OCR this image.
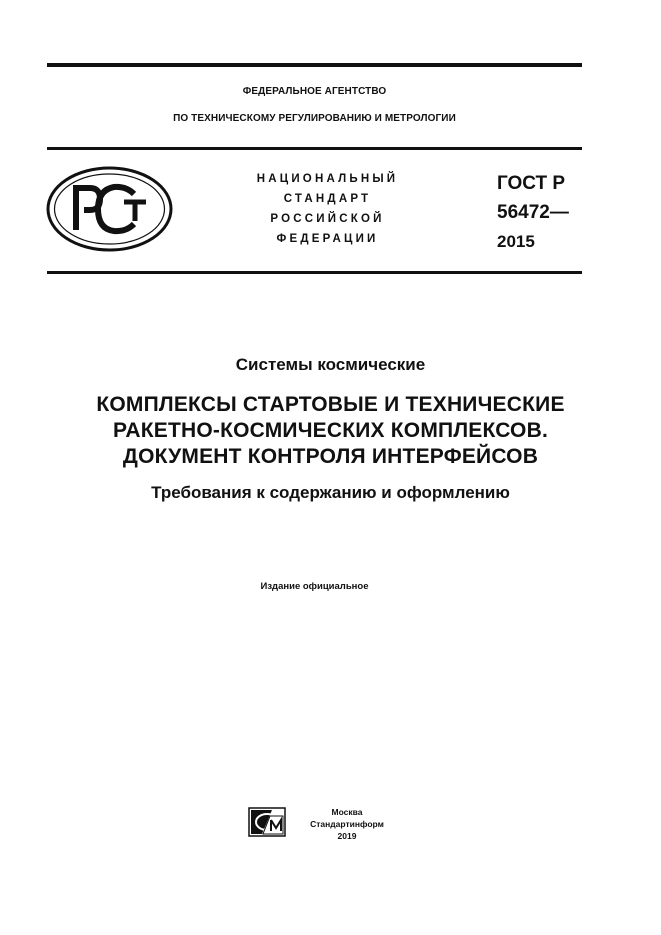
ФЕДЕРАЛЬНОЕ АГЕНТСТВО
ПО ТЕХНИЧЕСКОМУ РЕГУЛИРОВАНИЮ И МЕТРОЛОГИИ
НАЦИОНАЛЬНЫЙ
СТАНДАРТ
РОССИЙСКОЙ
ФЕДЕРАЦИИ
ГОСТ Р
56472—
2015
Системы космические
КОМПЛЕКСЫ СТАРТОВЫЕ И ТЕХНИЧЕСКИЕ
РАКЕТНО-КОСМИЧЕСКИХ КОМПЛЕКСОВ.
ДОКУМЕНТ КОНТРОЛЯ ИНТЕРФЕЙСОВ
Требования к содержанию и оформлению
Издание официальное
Москва
Стандартинформ
2019
